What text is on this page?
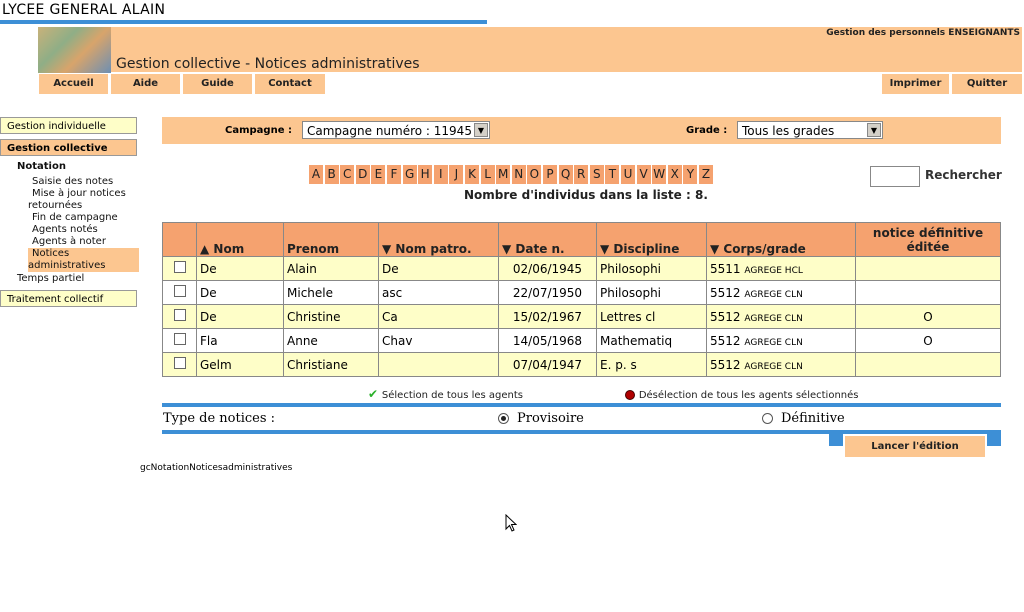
LYCEE GENERAL ALAIN
Gestion collective - Notices administratives
Gestion des personnels ENSEIGNANTS
Accueil	Aide	Guide	Contact	Imprimer	Quitter
Gestion individuelle
Gestion collective
Notation
Saisie des notes
Mise à jour notices
retournées
Fin de campagne
Agents notés
Agents à noter
Notices
administratives
Temps partiel
Traitement collectif
Campagne :	Campagne numéro : 11945 ▼	Grade :	Tous les grades	▼
A B C D E F G H I	J K L M N O P Q R S T U V W X Y Z	Rechercher
Nombre d'individus dans la liste : 8.
	▲ Nom	Prenom	▼ Nom patro.	▼ Date n.	▼ Discipline	▼ Corps/grade	notice définitive éditée
	De	Alain	De	02/06/1945	Philosophi	5511 AGREGE HCL	
	De	Michele	asc	22/07/1950	Philosophi	5512 AGREGE CLN	
	De	Christine	Ca	15/02/1967	Lettres cl	5512 AGREGE CLN	O
	Fla	Anne	Chav	14/05/1968	Mathematiq	5512 AGREGE CLN	O
	Gelm	Christiane		07/04/1947	E. p. s	5512 AGREGE CLN	
✔ Sélection de tous les agents	Désélection de tous les agents sélectionnés
Type de notices :	Provisoire	Définitive
Lancer l'édition
gcNotationNoticesadministratives
